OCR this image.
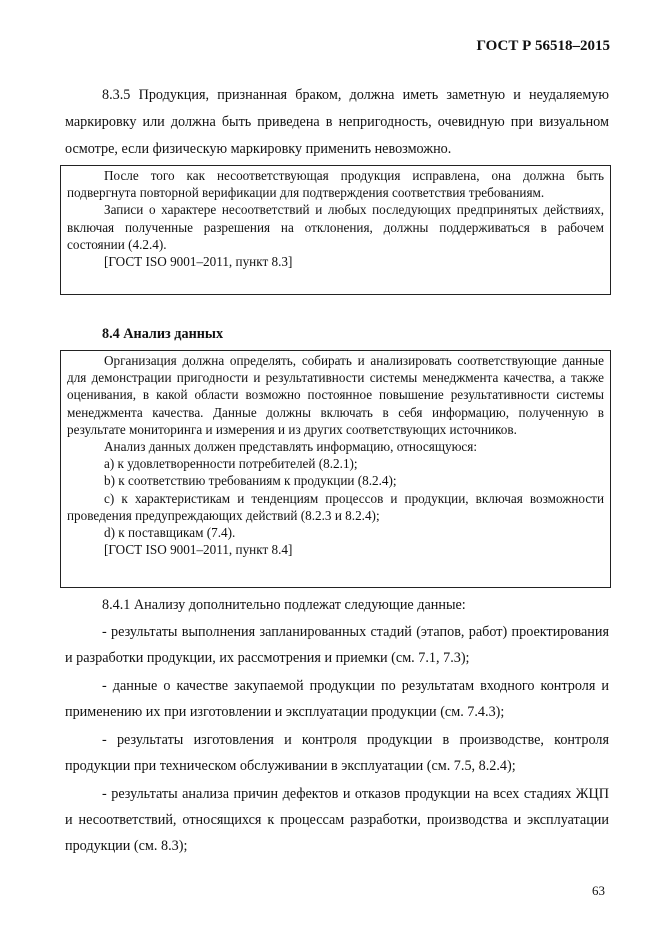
ГОСТ Р 56518–2015
8.3.5 Продукция, признанная браком, должна иметь заметную и неудаляемую маркировку или должна быть приведена в непригодность, очевидную при визуальном осмотре, если физическую маркировку применить невозможно.

После того как несоответствующая продукция исправлена, она должна быть подвергнута повторной верификации для подтверждения соответствия требованиям.

Записи о характере несоответствий и любых последующих предпринятых действиях, включая полученные разрешения на отклонения, должны поддерживаться в рабочем состоянии (4.2.4).

[ГОСТ ISO 9001–2011, пункт 8.3]

8.4 Анализ данных

Организация должна определять, собирать и анализировать соответствующие данные для демонстрации пригодности и результативности системы менеджмента качества, а также оценивания, в какой области возможно постоянное повышение результативности системы менеджмента качества. Данные должны включать в себя информацию, полученную в результате мониторинга и измерения и из других соответствующих источников.

Анализ данных должен представлять информацию, относящуюся:

a) к удовлетворенности потребителей (8.2.1);

b) к соответствию требованиям к продукции (8.2.4);

c) к характеристикам и тенденциям процессов и продукции, включая возможности проведения предупреждающих действий (8.2.3 и 8.2.4);

d) к поставщикам (7.4).

[ГОСТ ISO 9001–2011, пункт 8.4]

8.4.1 Анализу дополнительно подлежат следующие данные:
- результаты выполнения запланированных стадий (этапов, работ) проектирования и разработки продукции, их рассмотрения и приемки (см. 7.1, 7.3);
- данные о качестве закупаемой продукции по результатам входного контроля и применению их при изготовлении и эксплуатации продукции (см. 7.4.3);
- результаты изготовления и контроля продукции в производстве, контроля продукции при техническом обслуживании в эксплуатации (см. 7.5, 8.2.4);
- результаты анализа причин дефектов и отказов продукции на всех стадиях ЖЦП и несоответствий, относящихся к процессам разработки, производства и эксплуатации продукции (см. 8.3);
63
